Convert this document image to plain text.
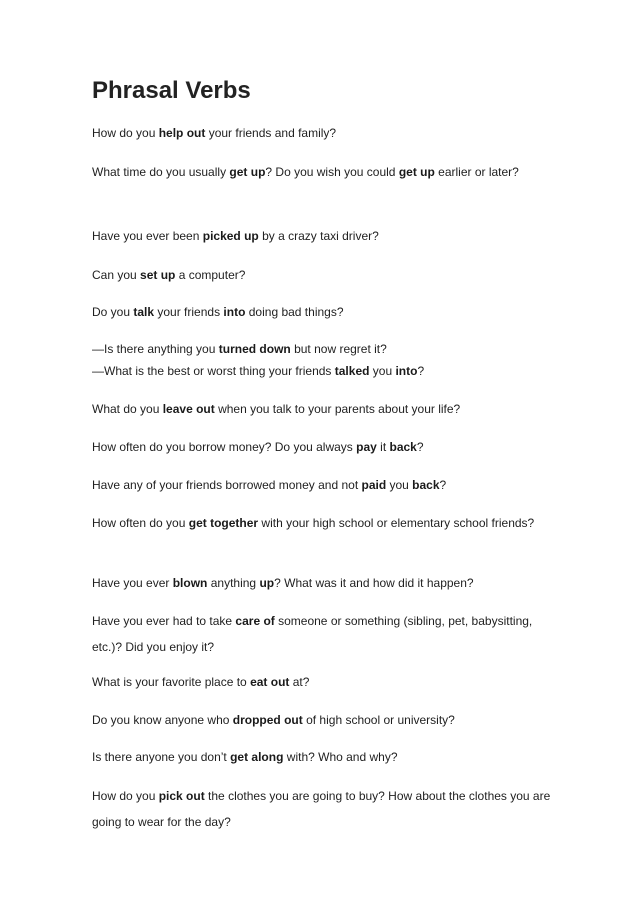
Phrasal Verbs

How do you help out your friends and family?

What time do you usually get up? Do you wish you could get up earlier or later?

Have you ever been picked up by a crazy taxi driver?

Can you set up a computer?

Do you talk your friends into doing bad things?

—Is there anything you turned down but now regret it?

—What is the best or worst thing your friends talked you into?

What do you leave out when you talk to your parents about your life?

How often do you borrow money? Do you always pay it back?

Have any of your friends borrowed money and not paid you back?

How often do you get together with your high school or elementary school friends?

Have you ever blown anything up? What was it and how did it happen?

Have you ever had to take care of someone or something (sibling, pet, babysitting, etc.)? Did you enjoy it?

What is your favorite place to eat out at?

Do you know anyone who dropped out of high school or university?

Is there anyone you don’t get along with? Who and why?

How do you pick out the clothes you are going to buy? How about the clothes you are going to wear for the day?
